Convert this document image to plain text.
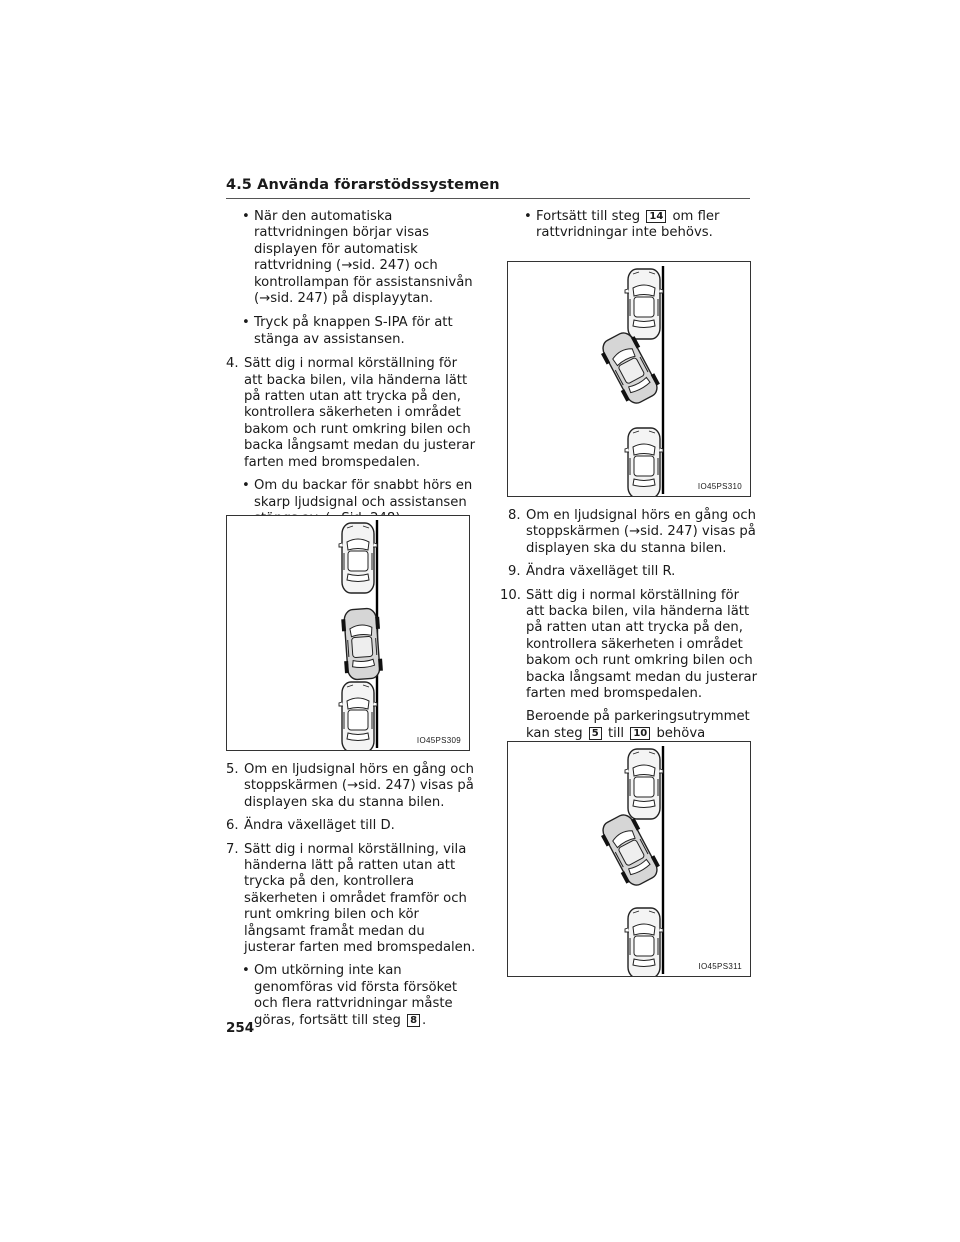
4.5 Använda förarstödssystemen
• När den automatiska rattvridningen börjar visas displayen för automatisk rattvridning (→sid. 247) och kontrollampan för assistansnivån (→sid. 247) på displayytan.
• Tryck på knappen S-IPA för att stänga av assistansen.
4. Sätt dig i normal körställning för att backa bilen, vila händerna lätt på ratten utan att trycka på den, kontrollera säkerheten i området bakom och runt omkring bilen och backa långsamt medan du justerar farten med bromspedalen.
• Om du backar för snabbt hörs en skarp ljudsignal och assistansen
IO45PS309
5. Om en ljudsignal hörs en gång och stoppskärmen (→sid. 247) visas på displayen ska du stanna bilen.
6. Ändra växelläget till D.
7. Sätt dig i normal körställning, vila händerna lätt på ratten utan att trycka på den, kontrollera säkerheten i området framför och runt omkring bilen och kör långsamt framåt medan du justerar farten med bromspedalen.
• Om utkörning inte kan genomföras vid första försöket och flera rattvridningar måste göras, fortsätt till steg 8 .
• Fortsätt till steg 14 om fler rattvridningar inte behövs.
IO45PS310
8. Om en ljudsignal hörs en gång och stoppskärmen (→sid. 247) visas på displayen ska du stanna bilen.
9. Ändra växelläget till R.
10. Sätt dig i normal körställning för att backa bilen, vila händerna lätt på ratten utan att trycka på den, kontrollera säkerheten i området bakom och runt omkring bilen och backa långsamt medan du justerar farten med bromspedalen.
Beroende på parkeringsutrymmet kan steg 5 till 10 behöva
IO45PS311
254
